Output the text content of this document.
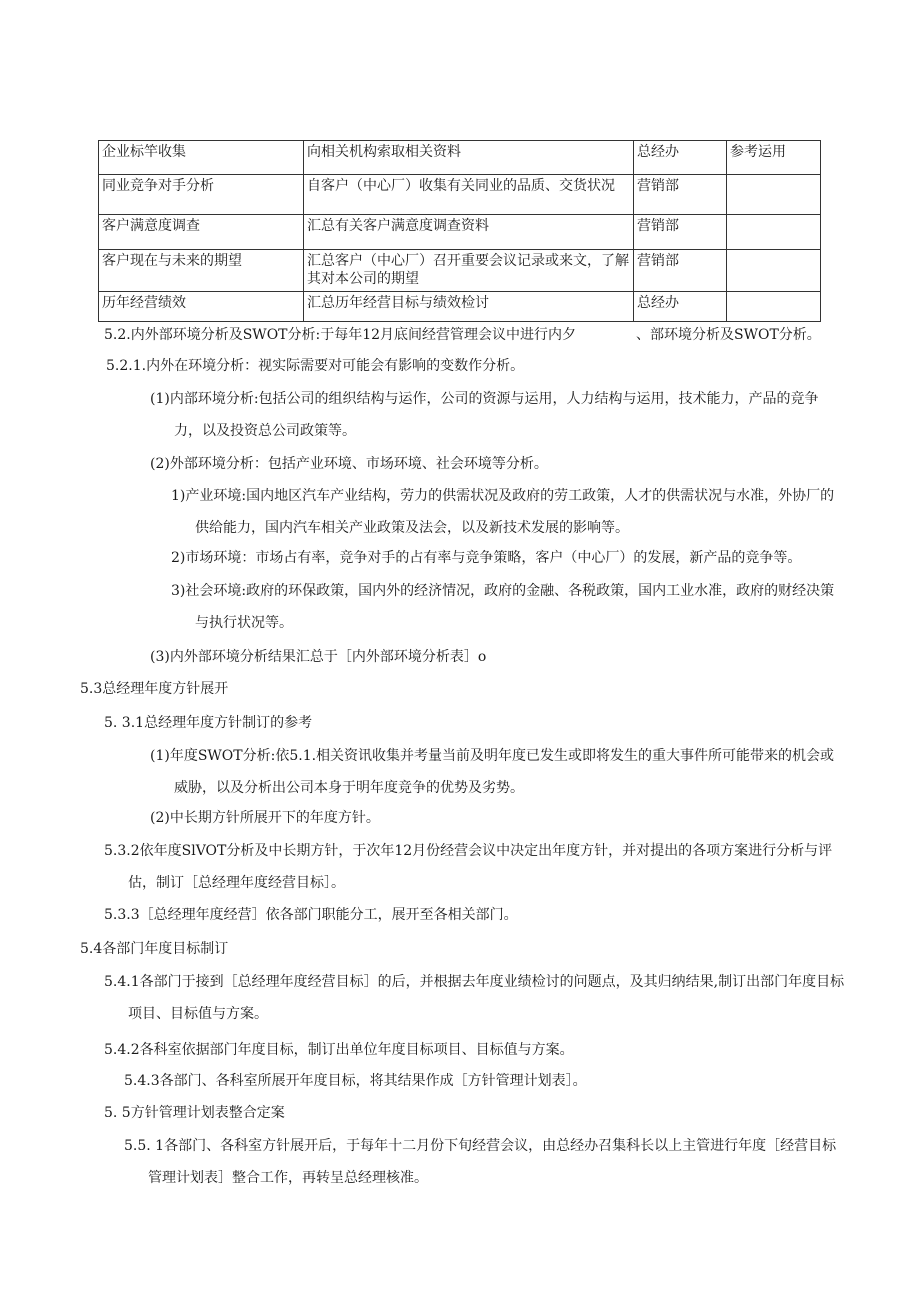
企业标竿收集	向相关机构索取相关资料	总经办	参考运用
同业竞争对手分析	自客户（中心厂）收集有关同业的品质、交货状况	营销部	
客户满意度调查	汇总有关客户满意度调查资料	营销部	
客户现在与未来的期望	汇总客户（中心厂）召开重要会议记录或来文，了解其对本公司的期望	营销部	
历年经营绩效	汇总历年经营目标与绩效检讨	总经办	
5.2.内外部环境分析及SWOT分析:于每年12月底间经营管理会议中进行内夕	、部环境分析及SWOT分析。
5.2.1.内外在环境分析：视实际需要对可能会有影响的变数作分析。
(1)内部环境分析:包括公司的组织结构与运作，公司的资源与运用，人力结构与运用，技术能力，产品的竞争力，以及投资总公司政策等。
(2)外部环境分析：包括产业环境、市场环境、社会环境等分析。
1)产业环境:国内地区汽车产业结构，劳力的供需状况及政府的劳工政策，人才的供需状况与水准，外协厂的供给能力，国内汽车相关产业政策及法会，以及新技术发展的影响等。
2)市场环境：市场占有率，竞争对手的占有率与竞争策略，客户（中心厂）的发展，新产品的竞争等。
3)社会环境:政府的环保政策，国内外的经济情况，政府的金融、各税政策，国内工业水准，政府的财经决策与执行状况等。
(3)内外部环境分析结果汇总于［内外部环境分析表］o
5.3总经理年度方针展开
5. 3.1总经理年度方针制订的参考
(1)年度SWOT分析:依5.1.相关资讯收集并考量当前及明年度已发生或即将发生的重大事件所可能带来的机会或威胁，以及分析出公司本身于明年度竞争的优势及劣势。
(2)中长期方针所展开下的年度方针。
5.3.2依年度SlVOT分析及中长期方针，于次年12月份经营会议中决定出年度方针，并对提出的各项方案进行分析与评估，制订［总经理年度经营目标］。
5.3.3［总经理年度经营］依各部门职能分工，展开至各相关部门。
5.4各部门年度目标制订
5.4.1各部门于接到［总经理年度经营目标］的后，并根据去年度业绩检讨的问题点，及其归纳结果,制订出部门年度目标项目、目标值与方案。
5.4.2各科室依据部门年度目标，制订出单位年度目标项目、目标值与方案。
5.4.3各部门、各科室所展开年度目标，将其结果作成［方针管理计划表］。
5. 5方针管理计划表整合定案
5.5. 1各部门、各科室方针展开后，于每年十二月份下旬经营会议，由总经办召集科长以上主管进行年度［经营目标管理计划表］整合工作，再转呈总经理核准。
